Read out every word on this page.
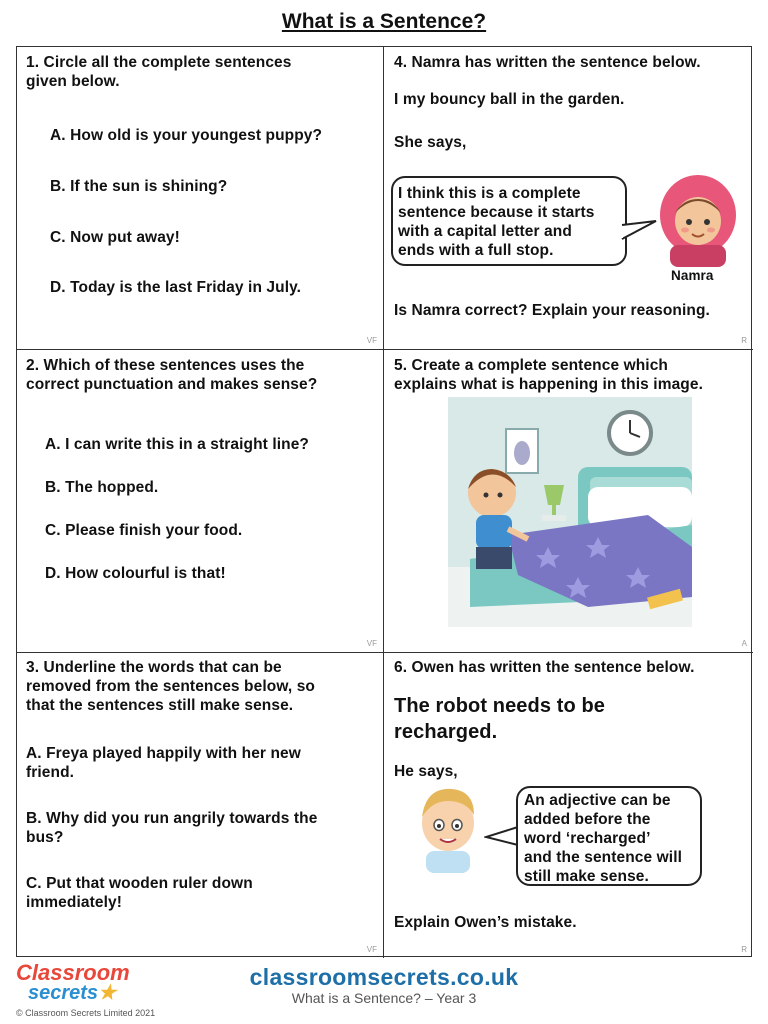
What is a Sentence?
1. Circle all the complete sentences
given below.
A. How old is your youngest puppy?
B. If the sun is shining?
C. Now put away!
D. Today is the last Friday in July.
VF
4. Namra has written the sentence below.
I my bouncy ball in the garden.
She says,
I think this is a complete
sentence because it starts
with a capital letter and
ends with a full stop.
Namra
Is Namra correct? Explain your reasoning.
R
2. Which of these sentences uses the
correct punctuation and makes sense?
A. I can write this in a straight line?
B. The hopped.
C. Please finish your food.
D. How colourful is that!
VF
5. Create a complete sentence which
explains what is happening in this image.
A
3. Underline the words that can be
removed from the sentences below, so
that the sentences still make sense.
A. Freya played happily with her new
friend.
B. Why did you run angrily towards the
bus?
C. Put that wooden ruler down
immediately!
VF
6. Owen has written the sentence below.
The robot needs to be
recharged.
He says,
An adjective can be
added before the
word ‘recharged’
and the sentence will
still make sense.
Explain Owen’s mistake.
R
Classroom
secrets★
© Classroom Secrets Limited 2021
classroomsecrets.co.uk
What is a Sentence? – Year 3
